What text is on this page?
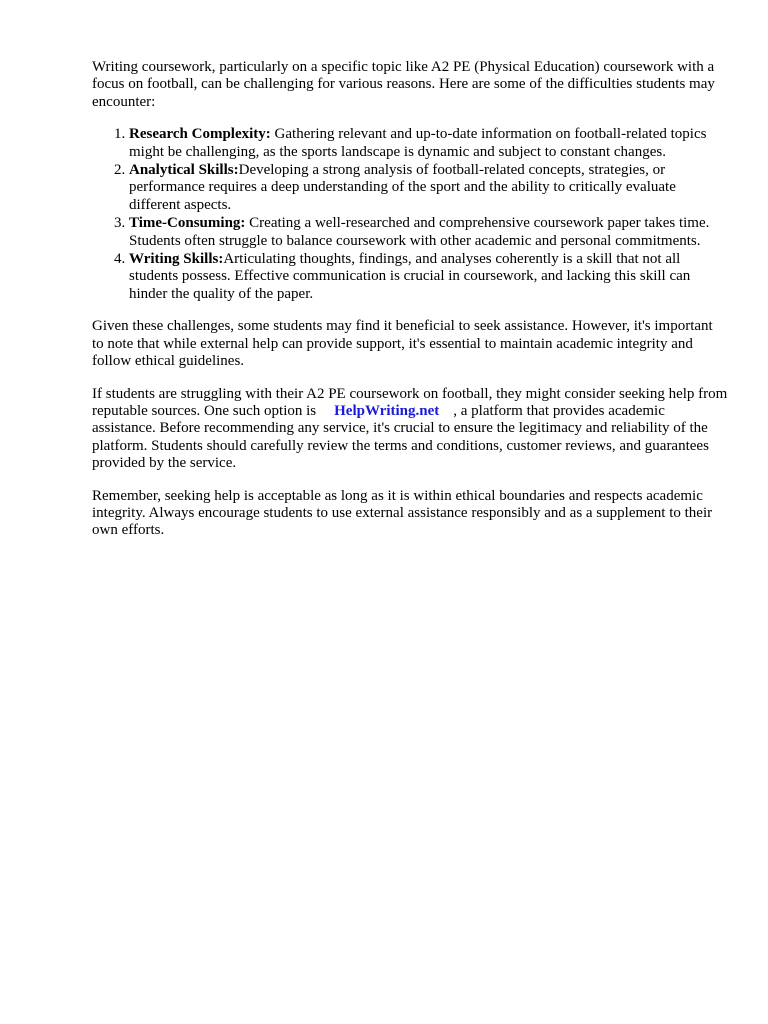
Writing coursework, particularly on a specific topic like A2 PE (Physical Education) coursework with a focus on football, can be challenging for various reasons. Here are some of the difficulties students may encounter:

1. Research Complexity: Gathering relevant and up-to-date information on football-related topics might be challenging, as the sports landscape is dynamic and subject to constant changes.
2. Analytical Skills:Developing a strong analysis of football-related concepts, strategies, or performance requires a deep understanding of the sport and the ability to critically evaluate different aspects.
3. Time-Consuming: Creating a well-researched and comprehensive coursework paper takes time. Students often struggle to balance coursework with other academic and personal commitments.
4. Writing Skills:Articulating thoughts, findings, and analyses coherently is a skill that not all students possess. Effective communication is crucial in coursework, and lacking this skill can hinder the quality of the paper.

Given these challenges, some students may find it beneficial to seek assistance. However, it's important to note that while external help can provide support, it's essential to maintain academic integrity and follow ethical guidelines.

If students are struggling with their A2 PE coursework on football, they might consider seeking help from reputable sources. One such option is HelpWriting.net , a platform that provides academic assistance. Before recommending any service, it's crucial to ensure the legitimacy and reliability of the platform. Students should carefully review the terms and conditions, customer reviews, and guarantees provided by the service.

Remember, seeking help is acceptable as long as it is within ethical boundaries and respects academic integrity. Always encourage students to use external assistance responsibly and as a supplement to their own efforts.
